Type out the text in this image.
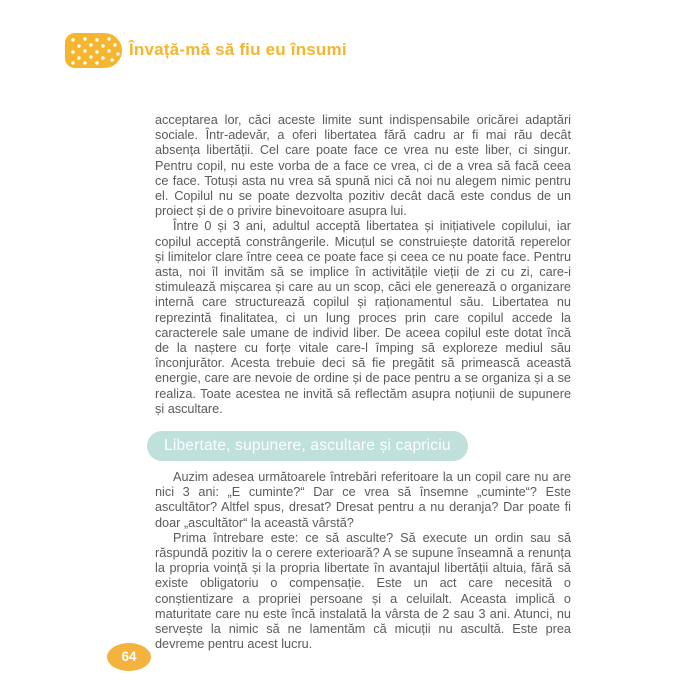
Învață-mă să fiu eu însumi

acceptarea lor, căci aceste limite sunt indispensabile oricărei adaptări sociale. Într-adevăr, a oferi libertatea fără cadru ar fi mai rău decât absența libertății. Cel care poate face ce vrea nu este liber, ci singur. Pentru copil, nu este vorba de a face ce vrea, ci de a vrea să facă ceea ce face. Totuși asta nu vrea să spună nici că noi nu alegem nimic pentru el. Copilul nu se poate dezvolta pozitiv decât dacă este condus de un proiect și de o privire binevoitoare asupra lui.

Între 0 și 3 ani, adultul acceptă libertatea și inițiativele copilului, iar copilul acceptă constrângerile. Micuțul se construiește datorită reperelor și limitelor clare între ceea ce poate face și ceea ce nu poate face. Pentru asta, noi îl invităm să se implice în activitățile vieții de zi cu zi, care-i stimulează mișcarea și care au un scop, căci ele generează o organizare internă care structurează copilul și raționamentul său. Libertatea nu reprezintă finalitatea, ci un lung proces prin care copilul accede la caracterele sale umane de individ liber. De aceea copilul este dotat încă de la naștere cu forțe vitale care-l împing să exploreze mediul său înconjurător. Acesta trebuie deci să fie pregătit să primească această energie, care are nevoie de ordine și de pace pentru a se organiza și a se realiza. Toate acestea ne invită să reflectăm asupra noțiunii de supunere și ascultare.

Libertate, supunere, ascultare și capriciu

Auzim adesea următoarele întrebări referitoare la un copil care nu are nici 3 ani: „E cuminte?“ Dar ce vrea să însemne „cuminte“? Este ascultător? Altfel spus, dresat? Dresat pentru a nu deranja? Dar poate fi doar „ascultător“ la această vârstă?

Prima întrebare este: ce să asculte? Să execute un ordin sau să răspundă pozitiv la o cerere exterioară? A se supune înseamnă a renunța la propria voință și la propria libertate în avantajul libertății altuia, fără să existe obligatoriu o compensație. Este un act care necesită o conștientizare a propriei persoane și a celuilalt. Aceasta implică o maturitate care nu este încă instalată la vârsta de 2 sau 3 ani. Atunci, nu servește la nimic să ne lamentăm că micuții nu ascultă. Este prea devreme pentru acest lucru.

64
